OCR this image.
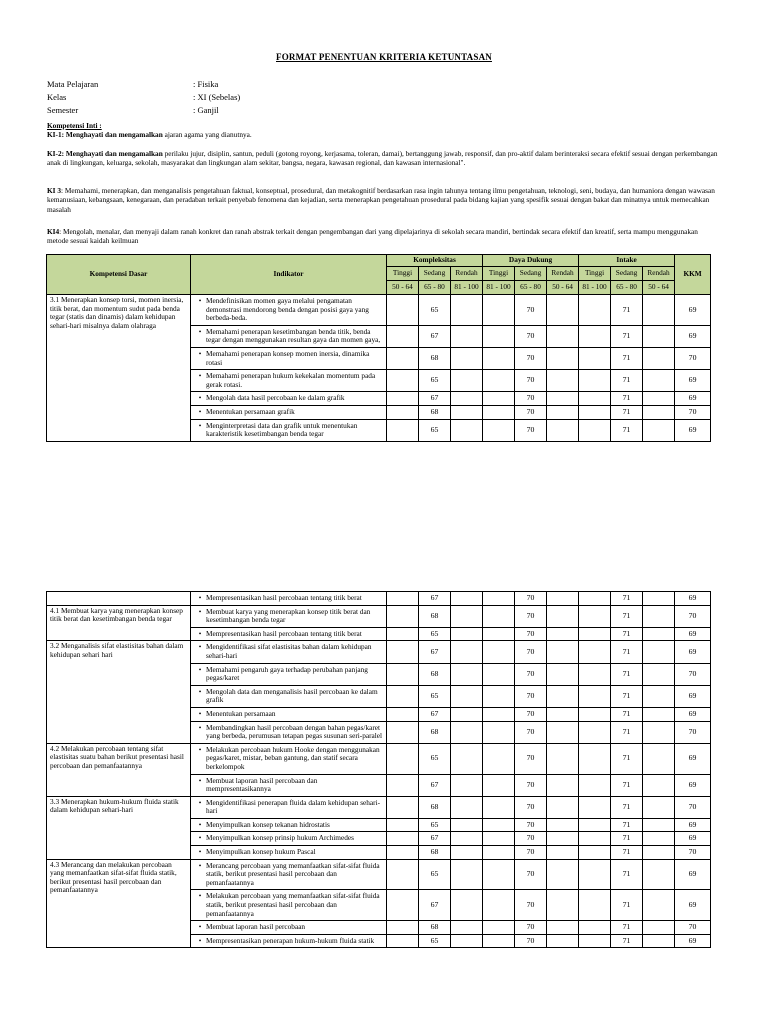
FORMAT PENENTUAN KRITERIA KETUNTASAN
Mata Pelajaran	: Fisika
Kelas	: XI (Sebelas)
Semester	: Ganjil
Kompetensi Inti :
KI-1: Menghayati dan mengamalkan ajaran agama yang dianutnya.
KI-2: Menghayati dan mengamalkan perilaku jujur, disiplin, santun, peduli (gotong royong, kerjasama, toleran, damai), bertanggung jawab, responsif, dan pro-aktif dalam berinteraksi secara efektif sesuai dengan perkembangan anak di lingkungan, keluarga, sekolah, masyarakat dan lingkungan alam sekitar, bangsa, negara, kawasan regional, dan kawasan internasional".
KI 3: Memahami, menerapkan, dan menganalisis pengetahuan faktual, konseptual, prosedural, dan metakognitif berdasarkan rasa ingin tahunya tentang ilmu pengetahuan, teknologi, seni, budaya, dan humaniora dengan wawasan kemanusiaan, kebangsaan, kenegaraan, dan peradaban terkait penyebab fenomena dan kejadian, serta menerapkan pengetahuan prosedural pada bidang kajian yang spesifik sesuai dengan bakat dan minatnya untuk memecahkan masalah
KI4: Mengolah, menalar, dan menyaji dalam ranah konkret dan ranah abstrak terkait dengan pengembangan dari yang dipelajarinya di sekolah secara mandiri, bertindak secara efektif dan kreatif, serta mampu menggunakan metode sesuai kaidah keilmuan
Kompetensi Dasar	Indikator	Kompleksitas			Daya Dukung			Intake			KKM
		Tinggi	Sedang	Rendah	Tinggi	Sedang	Rendah	Tinggi	Sedang	Rendah	
		50 - 64	65 - 80	81 - 100	81 - 100	65 - 80	50 - 64	81 - 100	65 - 80	50 - 64	
3.1 Menerapkan konsep torsi, momen inersia, titik berat, dan momentum sudut pada benda tegar (statis dan dinamis) dalam kehidupan sehari-hari misalnya dalam olahraga	• Mendefinisikan momen gaya melalui pengamatan demonstrasi mendorong benda dengan posisi gaya yang berbeda-beda.		65			70			71		69

	• Memahami penerapan kesetimbangan benda titik, benda tegar dengan menggunakan resultan gaya dan momen gaya,		67			70			71		69

	• Memahami penerapan konsep momen inersia, dinamika rotasi		68			70			71		70

	• Memahami penerapan hukum kekekalan momentum pada gerak rotasi.		65			70			71		69

	• Mengolah data hasil percobaan ke dalam grafik		67			70			71		69

	• Menentukan persamaan grafik		68			70			71		70

	• Menginterpretasi data dan grafik untuk menentukan karakteristik kesetimbangan benda tegar		65			70			71		69

	• Mempresentasikan hasil percobaan tentang titik berat		67			70			71		69
4.1 Membuat karya yang menerapkan konsep titik berat dan kesetimbangan benda tegar	• Membuat karya yang menerapkan konsep titik berat dan kesetimbangan benda tegar		68			70			71		70

	• Mempresentasikan hasil percobaan tentang titik berat		65			70			71		69
3.2 Menganalisis sifat elastisitas bahan dalam kehidupan sehari hari	• Mengidentifikasi sifat elastisitas bahan dalam kehidupan sehari-hari		67			70			71		69

	• Memahami pengaruh gaya terhadap perubahan panjang pegas/karet		68			70			71		70

	• Mengolah data dan menganalisis hasil percobaan ke dalam grafik		65			70			71		69

	• Menentukan persamaan		67			70			71		69

	• Membandingkan hasil percobaan dengan bahan pegas/karet yang berbeda, perumusan tetapan pegas susunan seri-paralel		68			70			71		70
4.2 Melakukan percobaan tentang sifat elastisitas suatu bahan berikut presentasi hasil percobaan dan pemanfaatannya	• Melakukan percobaan hukum Hooke dengan menggunakan pegas/karet, mistar, beban gantung, dan statif secara berkelompok		65			70			71		69

	• Membuat laporan hasil percobaan dan mempresentasikannya		67			70			71		69
3.3 Menerapkan hukum-hukum fluida statik dalam kehidupan sehari-hari	• Mengidentifikasi penerapan fluida dalam kehidupan sehari-hari		68			70			71		70

	• Menyimpulkan konsep tekanan hidrostatis		65			70			71		69

	• Menyimpulkan konsep prinsip hukum Archimedes		67			70			71		69

	• Menyimpulkan konsep hukum Pascal		68			70			71		70
4.3 Merancang dan melakukan percobaan yang memanfaatkan sifat-sifat fluida statik, berikut presentasi hasil percobaan dan pemanfaatannya	• Merancang percobaan yang memanfaatkan sifat-sifat fluida statik, berikut presentasi hasil percobaan dan pemanfaatannya		65			70			71		69

	• Melakukan percobaan yang memanfaatkan sifat-sifat fluida statik, berikut presentasi hasil percobaan dan pemanfaatannya		67			70			71		69

	• Membuat laporan hasil percobaan		68			70			71		70

	• Mempresentasikan penerapan hukum-hukum fluida statik		65			70			71		69
